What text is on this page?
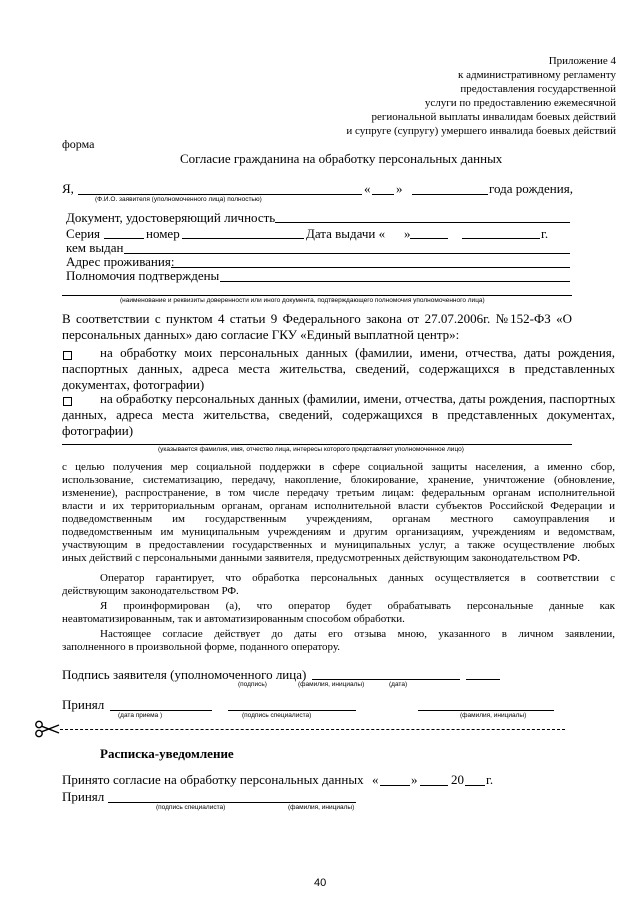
Приложение 4
к административному регламенту
предоставления государственной
услуги по предоставлению ежемесячной
региональной выплаты инвалидам боевых действий
и супруге (супругу) умершего инвалида боевых действий
форма
Согласие гражданина на обработку персональных данных
Я,	« »	года рождения,
(Ф.И.О. заявителя (уполномоченного лица) полностью)
Документ, удостоверяющий личность
Серия	номер	Дата выдачи « »	г.
кем выдан
Адрес проживания:
Полномочия подтверждены
(наименование и реквизиты доверенности или иного документа, подтверждающего полномочия уполномоченного лица)
В соответствии с пунктом 4 статьи 9 Федерального закона от 27.07.2006г. №152-ФЗ «О
персональных данных» даю согласие ГКУ «Единый выплатной центр»:
на обработку моих персональных данных (фамилии, имени, отчества, даты рождения,
паспортных данных, адреса места жительства, сведений, содержащихся в представленных
документах, фотографии)
на обработку персональных данных (фамилии, имени, отчества, даты рождения, паспортных
данных, адреса места жительства, сведений, содержащихся в представленных документах,
фотографии)
(указывается фамилия, имя, отчество лица, интересы которого представляет уполномоченное лицо)
с целью получения мер социальной поддержки в сфере социальной защиты населения, а именно сбор,
использование, систематизацию, передачу, накопление, блокирование, хранение, уничтожение (обновление,
изменение), распространение, в том числе передачу третьим лицам: федеральным органам исполнительной
власти и их территориальным органам, органам исполнительной власти субъектов Российской Федерации и
подведомственным им государственным учреждениям, органам местного самоуправления и
подведомственным им муниципальным учреждениям и другим организациям, учреждениям и ведомствам,
участвующим в предоставлении государственных и муниципальных услуг, а также осуществление любых
иных действий с персональными данными заявителя, предусмотренных действующим законодательством РФ.
Оператор гарантирует, что обработка персональных данных осуществляется в соответствии с
действующим законодательством РФ.
Я проинформирован (а), что оператор будет обрабатывать персональные данные как
неавтоматизированным, так и автоматизированным способом обработки.
Настоящее согласие действует до даты его отзыва мною, указанного в личном заявлении,
заполненного в произвольной форме, поданного оператору.
Подпись заявителя (уполномоченного лица)
(подпись)	(фамилия, инициалы)	(дата)
Принял
(дата приема )	(подпись специалиста)	(фамилия, инициалы)
Расписка-уведомление
Принято согласие на обработку персональных данных «	»	20 г.
Принял
(подпись специалиста)	(фамилия, инициалы)
40
